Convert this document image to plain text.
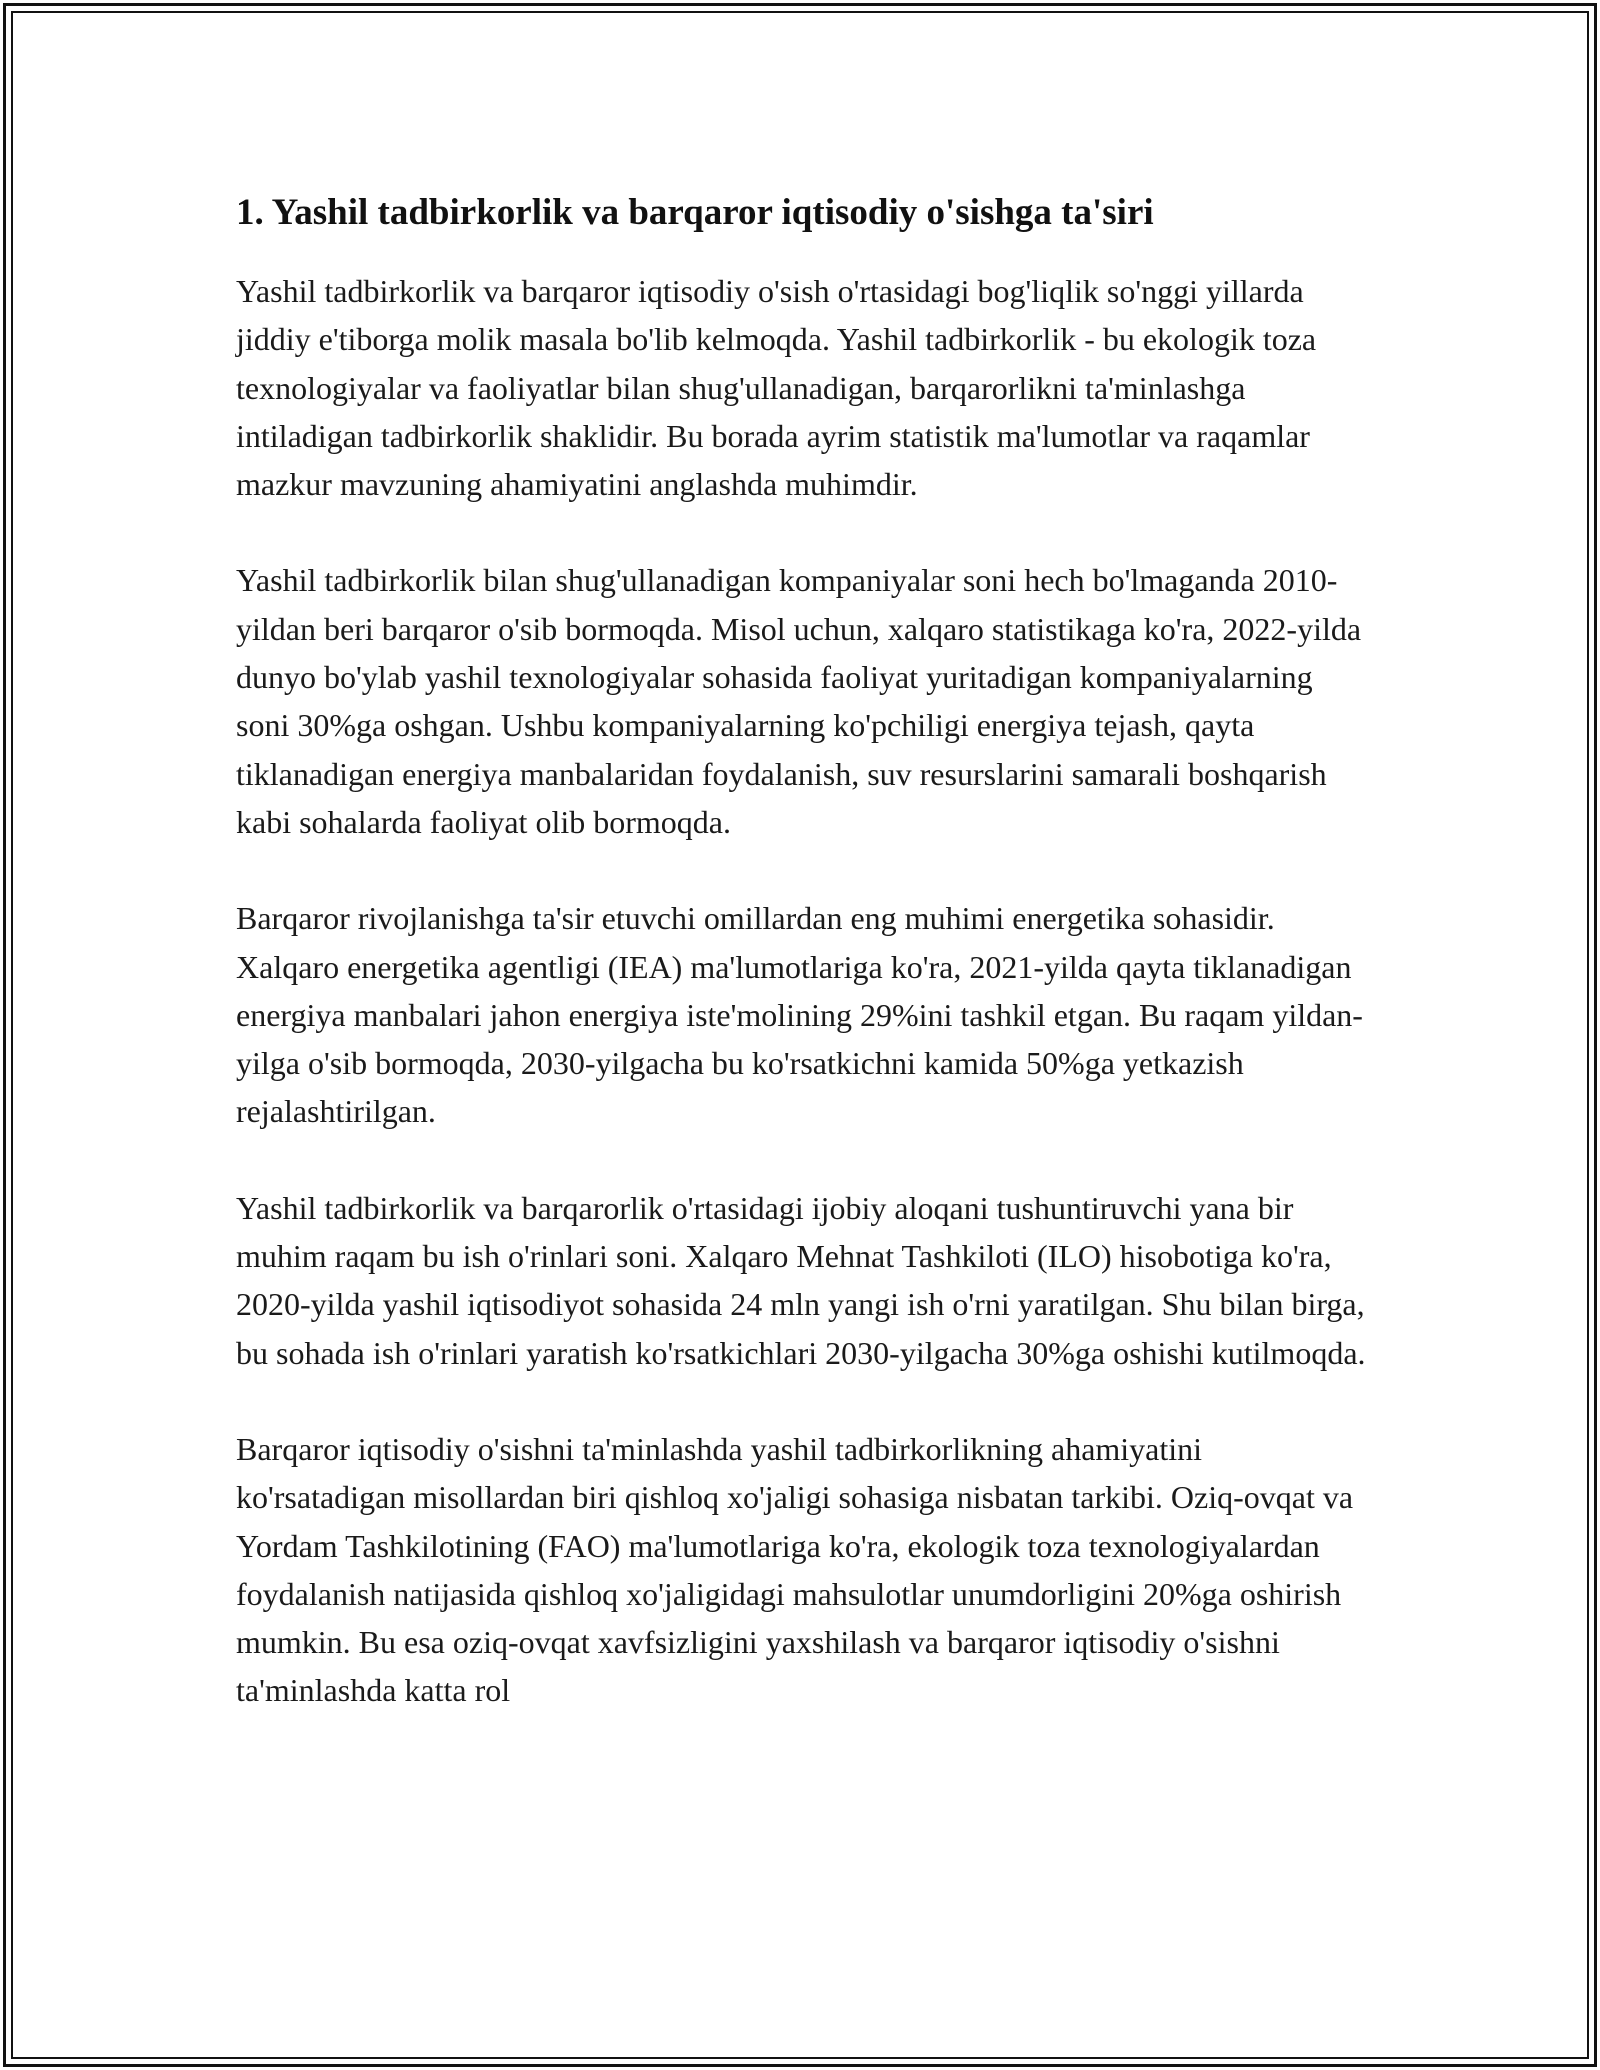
1. Yashil tadbirkorlik va barqaror iqtisodiy o'sishga ta'siri

Yashil tadbirkorlik va barqaror iqtisodiy o'sish o'rtasidagi bog'liqlik so'nggi yillarda jiddiy e'tiborga molik masala bo'lib kelmoqda. Yashil tadbirkorlik - bu ekologik toza texnologiyalar va faoliyatlar bilan shug'ullanadigan, barqarorlikni ta'minlashga intiladigan tadbirkorlik shaklidir. Bu borada ayrim statistik ma'lumotlar va raqamlar mazkur mavzuning ahamiyatini anglashda muhimdir.

Yashil tadbirkorlik bilan shug'ullanadigan kompaniyalar soni hech bo'lmaganda 2010-yildan beri barqaror o'sib bormoqda. Misol uchun, xalqaro statistikaga ko'ra, 2022-yilda dunyo bo'ylab yashil texnologiyalar sohasida faoliyat yuritadigan kompaniyalarning soni 30%ga oshgan. Ushbu kompaniyalarning ko'pchiligi energiya tejash, qayta tiklanadigan energiya manbalaridan foydalanish, suv resurslarini samarali boshqarish kabi sohalarda faoliyat olib bormoqda.

Barqaror rivojlanishga ta'sir etuvchi omillardan eng muhimi energetika sohasidir. Xalqaro energetika agentligi (IEA) ma'lumotlariga ko'ra, 2021-yilda qayta tiklanadigan energiya manbalari jahon energiya iste'molining 29%ini tashkil etgan. Bu raqam yildan-yilga o'sib bormoqda, 2030-yilgacha bu ko'rsatkichni kamida 50%ga yetkazish rejalashtirilgan.

Yashil tadbirkorlik va barqarorlik o'rtasidagi ijobiy aloqani tushuntiruvchi yana bir muhim raqam bu ish o'rinlari soni. Xalqaro Mehnat Tashkiloti (ILO) hisobotiga ko'ra, 2020-yilda yashil iqtisodiyot sohasida 24 mln yangi ish o'rni yaratilgan. Shu bilan birga, bu sohada ish o'rinlari yaratish ko'rsatkichlari 2030-yilgacha 30%ga oshishi kutilmoqda.

Barqaror iqtisodiy o'sishni ta'minlashda yashil tadbirkorlikning ahamiyatini ko'rsatadigan misollardan biri qishloq xo'jaligi sohasiga nisbatan tarkibi. Oziq-ovqat va Yordam Tashkilotining (FAO) ma'lumotlariga ko'ra, ekologik toza texnologiyalardan foydalanish natijasida qishloq xo'jaligidagi mahsulotlar unumdorligini 20%ga oshirish mumkin. Bu esa oziq-ovqat xavfsizligini yaxshilash va barqaror iqtisodiy o'sishni ta'minlashda katta rol
